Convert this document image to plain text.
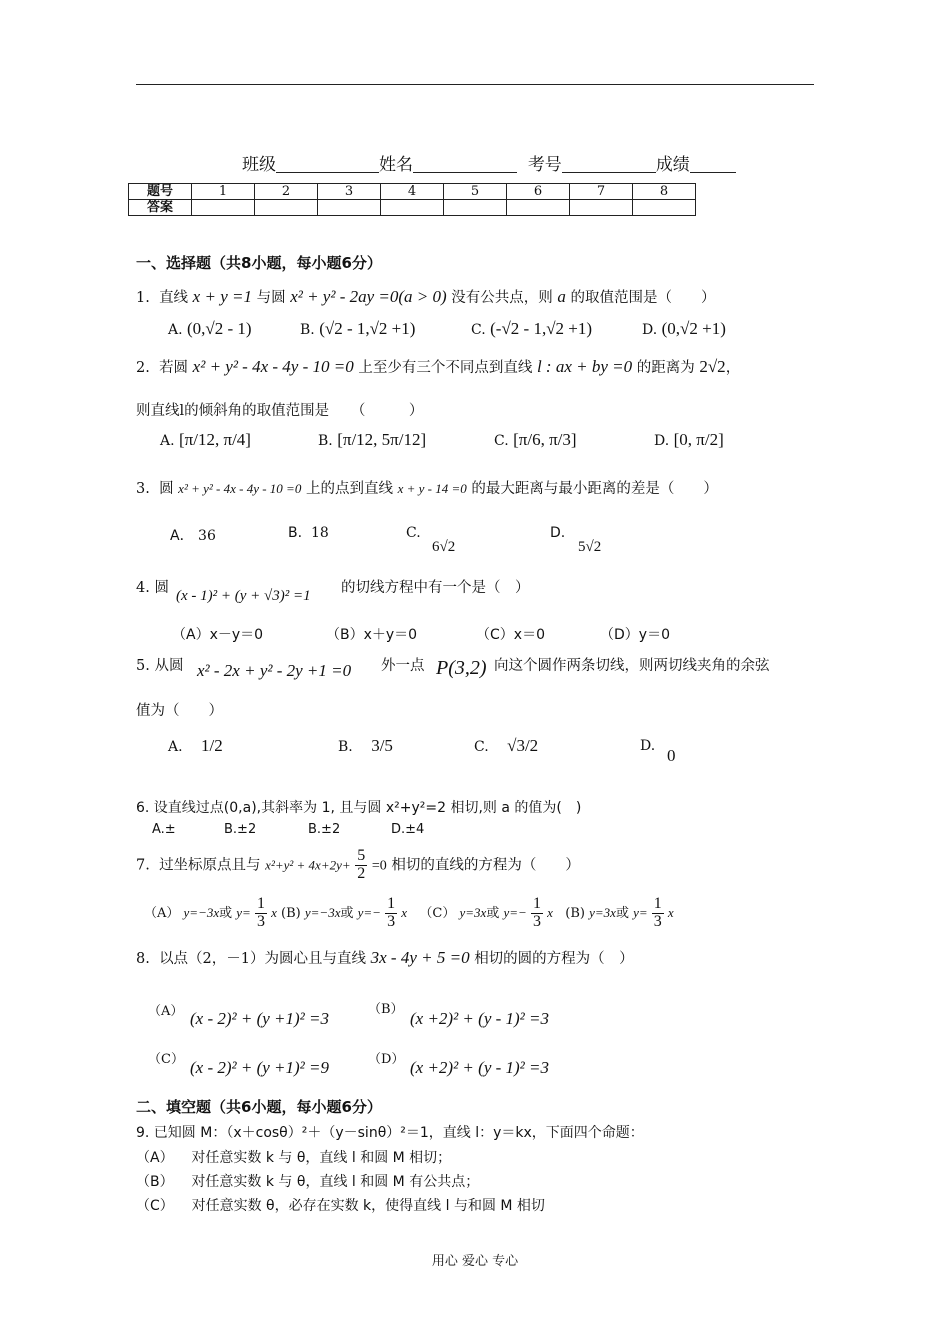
班级	姓名	考号	成绩
题号	1	2	3	4	5	6	7	8
答案								
一、选择题（共8小题，每小题6分）
1. 直线 x + y =1 与圆 x² + y² - 2ay =0(a > 0) 没有公共点，则 a 的取值范围是（　　）
A. (0,√2 - 1)	B. (√2 - 1,√2 +1)	C. (-√2 - 1,√2 +1)	D. (0,√2 +1)
2. 若圆 x² + y² - 4x - 4y - 10 =0 上至少有三个不同点到直线 l : ax + by =0 的距离为 2√2，
则直线l的倾斜角的取值范围是　　（　　　）
A. [π/12, π/4]	B. [π/12, 5π/12]	C. [π/6, π/3]	D. [0, π/2]
3. 圆 x² + y² - 4x - 4y - 10 =0 上的点到直线 x + y - 14 =0 的最大距离与最小距离的差是（　　）
A． 36	B. 18	C.
6√2
D.
5√2
4. 圆 (x - 1)² + (y + √3)² =1 的切线方程中有一个是（　）
（A）x－y＝0	（B）x＋y＝0	（C）x＝0	（D）y＝0
5. 从圆 x² - 2x + y² - 2y +1 =0 外一点 P(3,2) 向这个圆作两条切线，则两切线夹角的余弦
值为（　　）
A. 1/2	B. 3/5	C. √3/2	D. 0
6. 设直线过点(0,a),其斜率为 1, 且与圆 x²+y²=2 相切,则 a 的值为(　)
A.±	B.±2	B.±2	D.±4
7. 过坐标原点且与 $x^2+y^2 + 4x+2y+ \frac{5}{2} =0$ 相切的直线的方程为（　　）
（A） y=−3x或 $y= \frac{1}{3}$ x (B) y=−3x或 $y=- \frac{1}{3}$ x （C） y=3x或 $y=- \frac{1}{3}$ x (B) y=3x或 $y= \frac{1}{3}$ x
8. 以点（2，－1）为圆心且与直线 3x - 4y + 5 =0 相切的圆的方程为（　）
（A） (x - 2)² + (y +1)² =3	（B） (x +2)² + (y - 1)² =3
（C） (x - 2)² + (y +1)² =9	（D） (x +2)² + (y - 1)² =3
二、填空题（共6小题，每小题6分）
9. 已知圆 M：（x＋cosθ）²＋（y－sinθ）²＝1，直线 l：y＝kx，下面四个命题：
（A） 对任意实数 k 与 θ，直线 l 和圆 M 相切；
（B） 对任意实数 k 与 θ，直线 l 和圆 M 有公共点；
（C） 对任意实数 θ，必存在实数 k，使得直线 l 与和圆 M 相切
用心 爱心 专心
